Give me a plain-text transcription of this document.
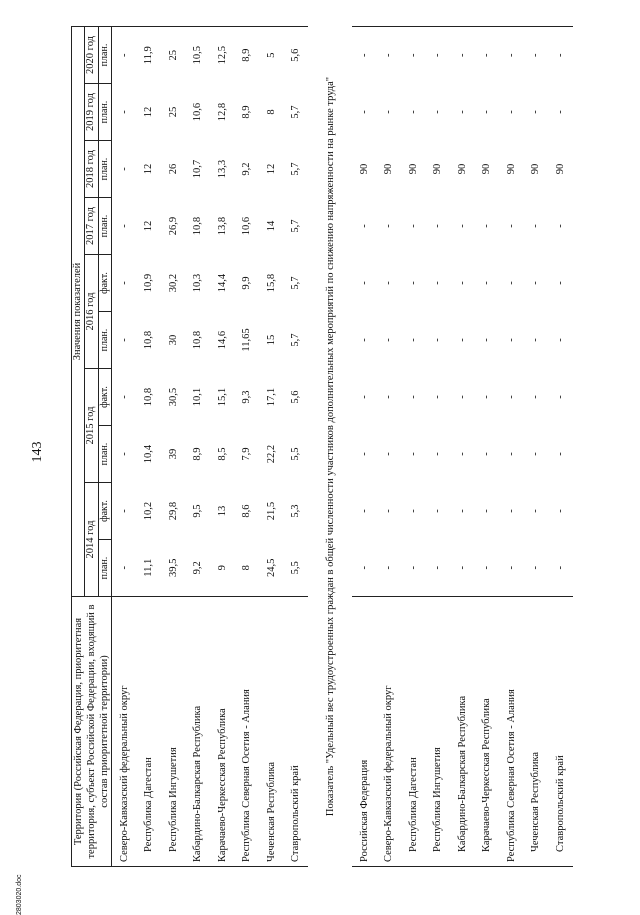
143
2803020.doc
Территория (Российская Федерация, приоритетная территория, субъект Российской Федерации, входящий в состав приоритетной территории)	Значения показателей									
	2014 год		2015 год		2016 год		2017 год	2018 год	2019 год	2020 год
	план.	факт.	план.	факт.	план.	факт.	план.	план.	план.	план.
Северо-Кавказский федеральный округ	-	-	-	-	-	-	-	-	-	-
Республика Дагестан	11,1	10,2	10,4	10,8	10,8	10,9	12	12	12	11,9
Республика Ингушетия	39,5	29,8	39	30,5	30	30,2	26,9	26	25	25
Кабардино-Балкарская Республика	9,2	9,5	8,9	10,1	10,8	10,3	10,8	10,7	10,6	10,5
Карачаево-Черкесская Республика	9	13	8,5	15,1	14,6	14,4	13,8	13,3	12,8	12,5
Республика Северная Осетия - Алания	8	8,6	7,9	9,3	11,65	9,9	10,6	9,2	8,9	8,9
Чеченская Республика	24,5	21,5	22,2	17,1	15	15,8	14	12	8	5
Ставропольский край	5,5	5,3	5,5	5,6	5,7	5,7	5,7	5,7	5,7	5,6
Показатель "Удельный вес трудоустроенных граждан в общей численности участников дополнительных мероприятий по снижению напряженности на рынке труда"										
Российская Федерация	-	-	-	-	-	-	-	90	-	-
Северо-Кавказский федеральный округ	-	-	-	-	-	-	-	90	-	-
Республика Дагестан	-	-	-	-	-	-	-	90	-	-
Республика Ингушетия	-	-	-	-	-	-	-	90	-	-
Кабардино-Балкарская Республика	-	-	-	-	-	-	-	90	-	-
Карачаево-Черкесская Республика	-	-	-	-	-	-	-	90	-	-
Республика Северная Осетия - Алания	-	-	-	-	-	-	-	90	-	-
Чеченская Республика	-	-	-	-	-	-	-	90	-	-
Ставропольский край	-	-	-	-	-	-	-	90	-	-
